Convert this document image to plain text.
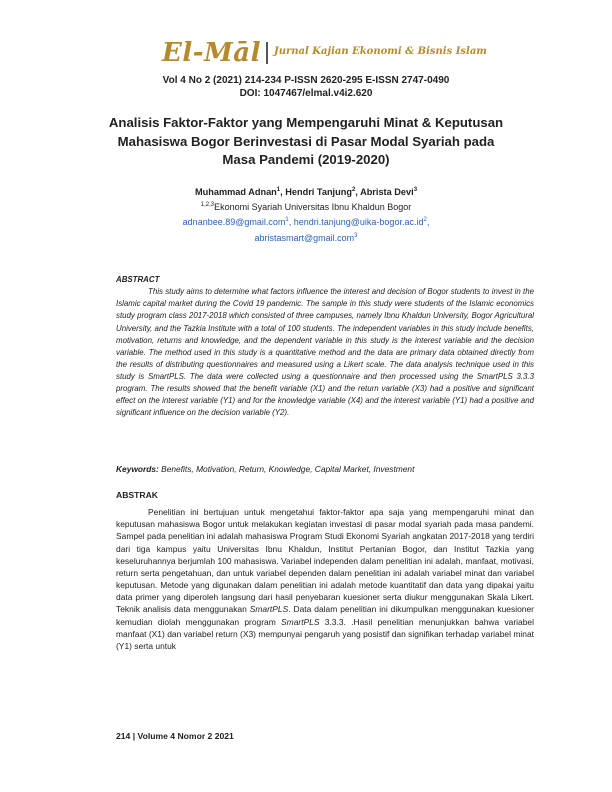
El-Māl Jurnal Kajian Ekonomi & Bisnis Islam
Vol 4 No 2 (2021) 214-234 P-ISSN 2620-295 E-ISSN 2747-0490
DOI: 1047467/elmal.v4i2.620
Analisis Faktor-Faktor yang Mempengaruhi Minat & Keputusan Mahasiswa Bogor Berinvestasi di Pasar Modal Syariah pada Masa Pandemi (2019-2020)
Muhammad Adnan$^1$, Hendri Tanjung$^2$, Abrista Devi$^3$
$^{1,2,3}$Ekonomi Syariah Universitas Ibnu Khaldun Bogor
adnanbee.89@gmail.com$^1$, $hendri.tanjung@uika-bogor.ac.id^2$,
abristasmart@gmail.com$^3$
ABSTRACT
This study aims to determine what factors influence the interest and decision of Bogor students to invest in the Islamic capital market during the Covid 19 pandemic. The sample in this study were students of the Islamic economics study program class 2017-2018 which consisted of three campuses, namely Ibnu Khaldun University, Bogor Agricultural University, and the Tazkia Institute with a total of 100 students. The independent variables in this study include benefits, motivation, returns and knowledge, and the dependent variable in this study is the interest variable and the decision variable. The method used in this study is a quantitative method and the data are primary data obtained directly from the results of distributing questionnaires and measured using a Likert scale. The data analysis technique used in this study is SmartPLS. The data were collected using a questionnaire and then processed using the SmartPLS 3.3.3 program. The results showed that the benefit variable (X1) and the return variable (X3) had a positive and significant effect on the interest variable (Y1) and for the knowledge variable (X4) and the interest variable (Y1) had a positive and significant influence on the decision variable (Y2).
Keywords: Benefits, Motivation, Return, Knowledge, Capital Market, Investment
ABSTRAK
Penelitian ini bertujuan untuk mengetahui faktor-faktor apa saja yang mempengaruhi minat dan keputusan mahasiswa Bogor untuk melakukan kegiatan investasi di pasar modal syariah pada masa pandemi. Sampel pada penelitian ini adalah mahasiswa Program Studi Ekonomi Syariah angkatan 2017-2018 yang terdiri dari tiga kampus yaitu Universitas Ibnu Khaldun, Institut Pertanian Bogor, dan Institut Tazkia yang keseluruhannya berjumlah 100 mahasiswa. Variabel independen dalam penelitian ini adalah, manfaat, motivasi, return serta pengetahuan, dan untuk variabel dependen dalam penelitian ini adalah variabel minat dan variabel keputusan. Metode yang digunakan dalam penelitian ini adalah metode kuantitatif dan data yang dipakai yaitu data primer yang diperoleh langsung dari hasil penyebaran kuesioner serta diukur menggunakan Skala Likert. Teknik analisis data menggunakan SmartPLS. Data dalam penelitian ini dikumpulkan menggunakan kuesioner kemudian diolah menggunakan program SmartPLS 3.3.3. .Hasil penelitian menunjukkan bahwa variabel manfaat (X1) dan variabel return (X3) mempunyai pengaruh yang posistif dan signifikan terhadap variabel minat (Y1) serta untuk
214 | Volume 4 Nomor 2 2021
